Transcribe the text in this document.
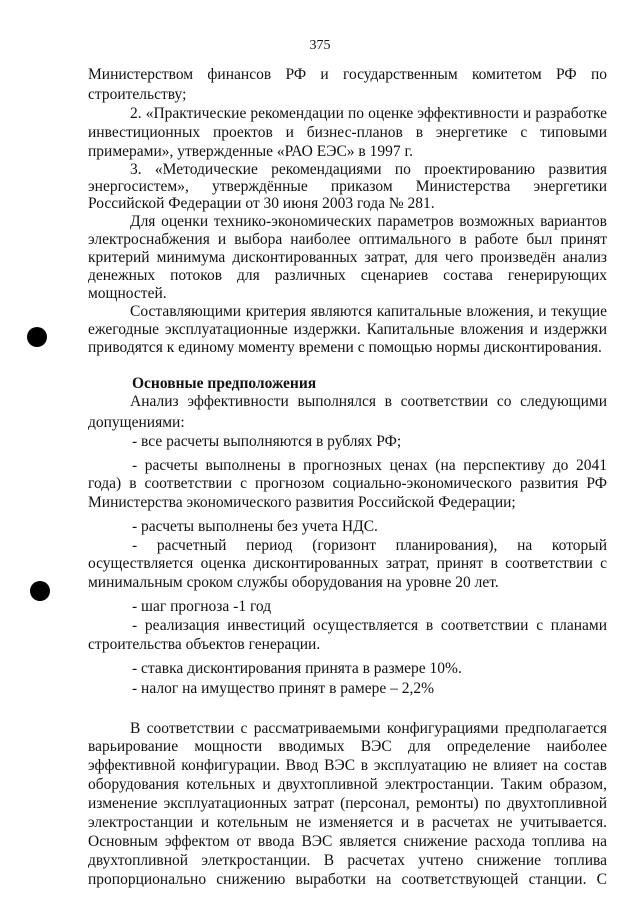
375
Министерством финансов РФ и государственным комитетом РФ по
строительству;
2. «Практические рекомендации по оценке эффективности и разработке
инвестиционных проектов и бизнес-планов в энергетике с типовыми
примерами», утвержденные «РАО ЕЭС» в 1997 г.
3. «Методические рекомендациями по проектированию развития
энергосистем», утверждённые приказом Министерства энергетики
Российской Федерации от 30 июня 2003 года № 281.
Для оценки технико-экономических параметров возможных вариантов
электроснабжения и выбора наиболее оптимального в работе был принят
критерий минимума дисконтированных затрат, для чего произведён анализ
денежных потоков для различных сценариев состава генерирующих
мощностей.
Составляющими критерия являются капитальные вложения, и текущие
ежегодные эксплуатационные издержки. Капитальные вложения и издержки
приводятся к единому моменту времени с помощью нормы дисконтирования.
Основные предположения
Анализ эффективности выполнялся в соответствии со следующими
допущениями:
- все расчеты выполняются в рублях РФ;
- расчеты выполнены в прогнозных ценах (на перспективу до 2041
года) в соответствии с прогнозом социально-экономического развития РФ
Министерства экономического развития Российской Федерации;
- расчеты выполнены без учета НДС.
- расчетный период (горизонт планирования), на который
осуществляется оценка дисконтированных затрат, принят в соответствии с
минимальным сроком службы оборудования на уровне 20 лет.
- шаг прогноза -1 год
- реализация инвестиций осуществляется в соответствии с планами
строительства объектов генерации.
- ставка дисконтирования принята в размере 10%.
- налог на имущество принят в рамере – 2,2%
В соответствии с рассматриваемыми конфигурациями предполагается
варьирование мощности вводимых ВЭС для определение наиболее
эффективной конфигурации. Ввод ВЭС в эксплуатацию не влияет на состав
оборудования котельных и двухтопливной электростанции. Таким образом,
изменение эксплуатационных затрат (персонал, ремонты) по двухтопливной
электростанции и котельным не изменяется и в расчетах не учитывается.
Основным эффектом от ввода ВЭС является снижение расхода топлива на
двухтопливной элеткростанции. В расчетах учтено снижение топлива
пропорционально снижению выработки на соответствующей станции. С
